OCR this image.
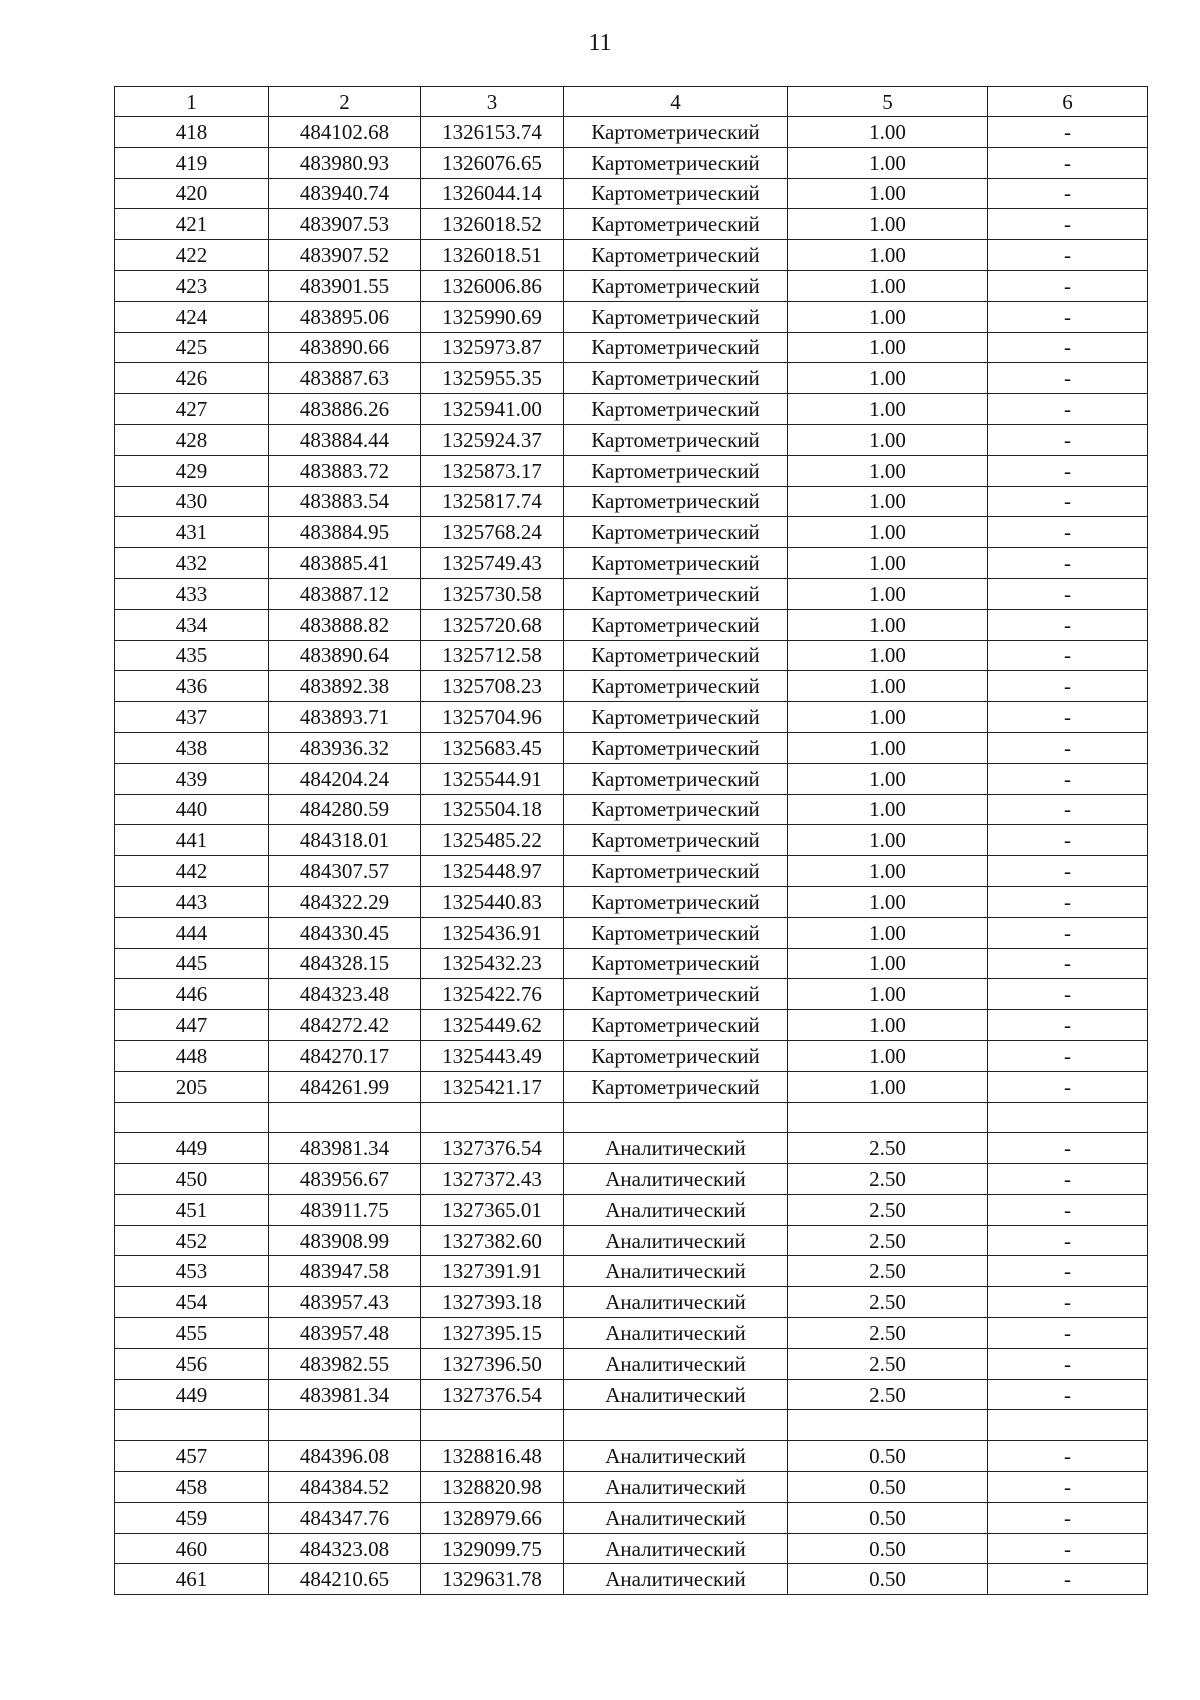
11
1	2	3	4	5	6
418	484102.68	1326153.74	Картометрический	1.00	-
419	483980.93	1326076.65	Картометрический	1.00	-
420	483940.74	1326044.14	Картометрический	1.00	-
421	483907.53	1326018.52	Картометрический	1.00	-
422	483907.52	1326018.51	Картометрический	1.00	-
423	483901.55	1326006.86	Картометрический	1.00	-
424	483895.06	1325990.69	Картометрический	1.00	-
425	483890.66	1325973.87	Картометрический	1.00	-
426	483887.63	1325955.35	Картометрический	1.00	-
427	483886.26	1325941.00	Картометрический	1.00	-
428	483884.44	1325924.37	Картометрический	1.00	-
429	483883.72	1325873.17	Картометрический	1.00	-
430	483883.54	1325817.74	Картометрический	1.00	-
431	483884.95	1325768.24	Картометрический	1.00	-
432	483885.41	1325749.43	Картометрический	1.00	-
433	483887.12	1325730.58	Картометрический	1.00	-
434	483888.82	1325720.68	Картометрический	1.00	-
435	483890.64	1325712.58	Картометрический	1.00	-
436	483892.38	1325708.23	Картометрический	1.00	-
437	483893.71	1325704.96	Картометрический	1.00	-
438	483936.32	1325683.45	Картометрический	1.00	-
439	484204.24	1325544.91	Картометрический	1.00	-
440	484280.59	1325504.18	Картометрический	1.00	-
441	484318.01	1325485.22	Картометрический	1.00	-
442	484307.57	1325448.97	Картометрический	1.00	-
443	484322.29	1325440.83	Картометрический	1.00	-
444	484330.45	1325436.91	Картометрический	1.00	-
445	484328.15	1325432.23	Картометрический	1.00	-
446	484323.48	1325422.76	Картометрический	1.00	-
447	484272.42	1325449.62	Картометрический	1.00	-
448	484270.17	1325443.49	Картометрический	1.00	-
205	484261.99	1325421.17	Картометрический	1.00	-

449	483981.34	1327376.54	Аналитический	2.50	-
450	483956.67	1327372.43	Аналитический	2.50	-
451	483911.75	1327365.01	Аналитический	2.50	-
452	483908.99	1327382.60	Аналитический	2.50	-
453	483947.58	1327391.91	Аналитический	2.50	-
454	483957.43	1327393.18	Аналитический	2.50	-
455	483957.48	1327395.15	Аналитический	2.50	-
456	483982.55	1327396.50	Аналитический	2.50	-
449	483981.34	1327376.54	Аналитический	2.50	-

457	484396.08	1328816.48	Аналитический	0.50	-
458	484384.52	1328820.98	Аналитический	0.50	-
459	484347.76	1328979.66	Аналитический	0.50	-
460	484323.08	1329099.75	Аналитический	0.50	-
461	484210.65	1329631.78	Аналитический	0.50	-
